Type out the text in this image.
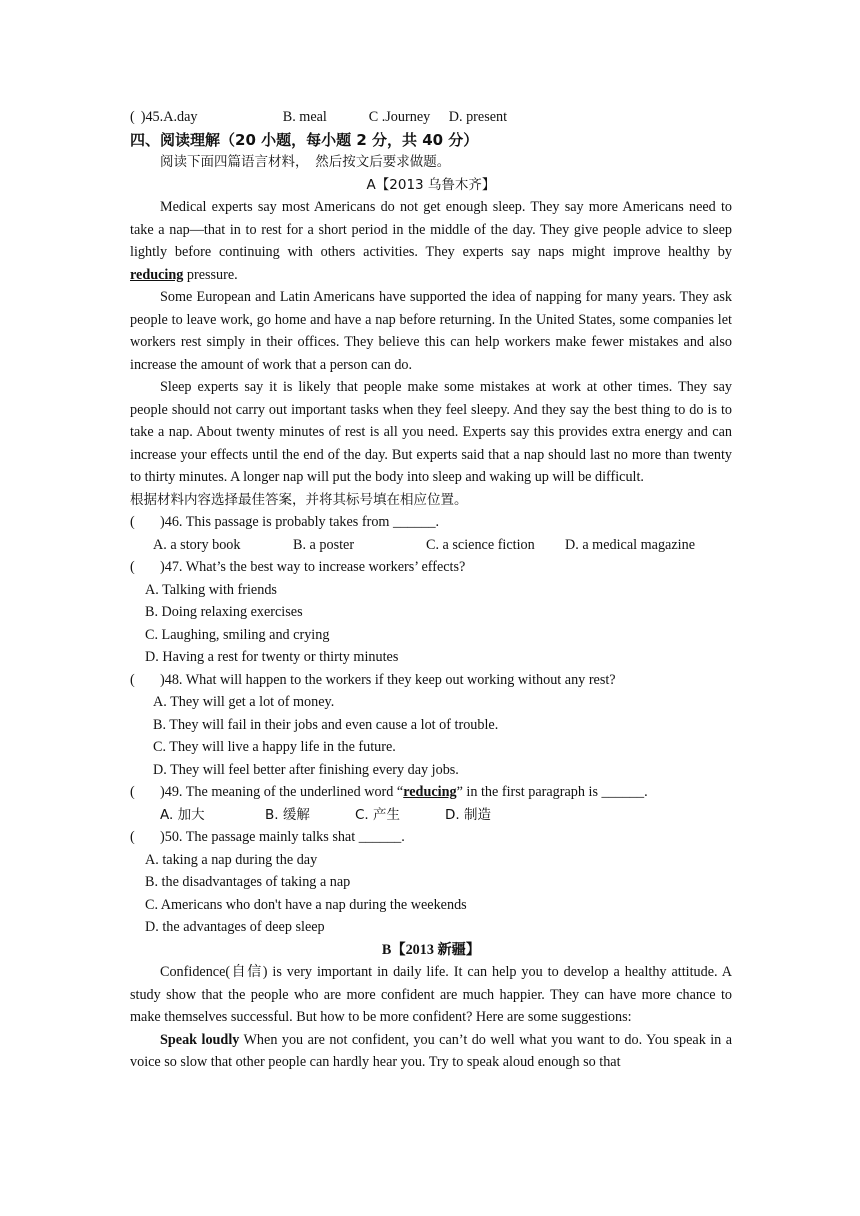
( )45.A.day	B. meal	C .Journey D. present
四、阅读理解（20 小题，每小题 2 分，共 40 分）
阅读下面四篇语言材料，　然后按文后要求做题。
A【2013 乌鲁木齐】

Medical experts say most Americans do not get enough sleep. They say more Americans need to take a nap—that in to rest for a short period in the middle of the day. They give people advice to sleep lightly before continuing with others activities. They experts say naps might improve healthy by reducing pressure.

Some European and Latin Americans have supported the idea of napping for many years. They ask people to leave work, go home and have a nap before returning. In the United States, some companies let workers rest simply in their offices. They believe this can help workers make fewer mistakes and also increase the amount of work that a person can do.

Sleep experts say it is likely that people make some mistakes at work at other times. They say people should not carry out important tasks when they feel sleepy. And they say the best thing to do is to take a nap. About twenty minutes of rest is all you need. Experts say this provides extra energy and can increase your effects until the end of the day. But experts said that a nap should last no more than twenty to thirty minutes. A longer nap will put the body into sleep and waking up will be difficult.

根据材料内容选择最佳答案，并将其标号填在相应位置。
( )46. This passage is probably takes from ______.
A. a story book	B. a poster	C. a science fiction D. a medical magazine
( )47. What’s the best way to increase workers’ effects?
A. Talking with friends
B. Doing relaxing exercises
C. Laughing, smiling and crying
D. Having a rest for twenty or thirty minutes
( )48. What will happen to the workers if they keep out working without any rest?
A. They will get a lot of money.
B. They will fail in their jobs and even cause a lot of trouble.
C. They will live a happy life in the future.
D. They will feel better after finishing every day jobs.
( )49. The meaning of the underlined word “reducing” in the first paragraph is ______.
A. 加大	B. 缓解	C. 产生	D. 制造
( )50. The passage mainly talks shat ______.
A. taking a nap during the day
B. the disadvantages of taking a nap
C. Americans who don't have a nap during the weekends
D. the advantages of deep sleep
B【2013 新疆】

Confidence(自信) is very important in daily life. It can help you to develop a healthy attitude. A study show that the people who are more confident are much happier. They can have more chance to make themselves successful. But how to be more confident? Here are some suggestions:

Speak loudly When you are not confident, you can’t do well what you want to do. You speak in a voice so slow that other people can hardly hear you. Try to speak aloud enough so that
